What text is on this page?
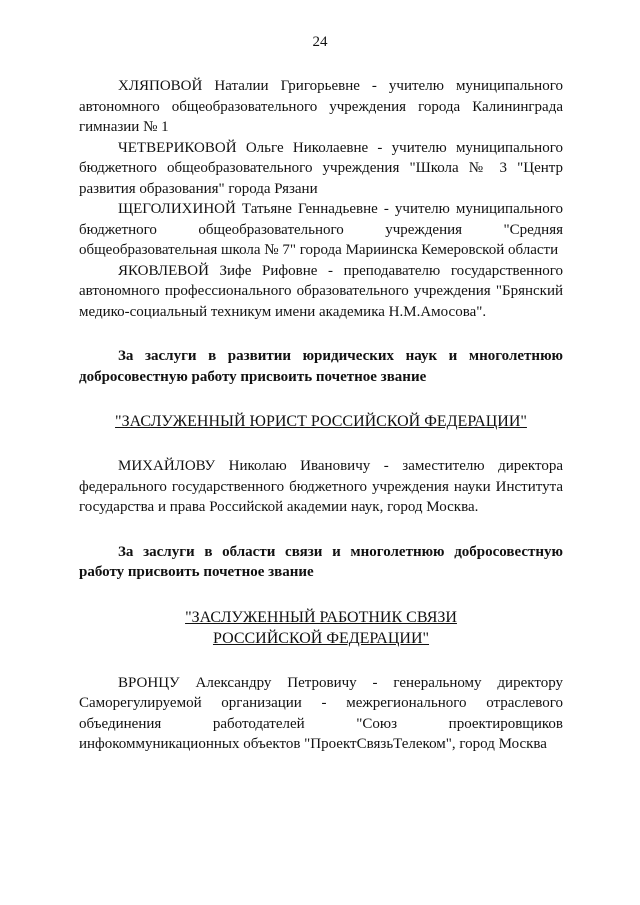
24

ХЛЯПОВОЙ Наталии Григорьевне - учителю муниципального автономного общеобразовательного учреждения города Калининграда гимназии № 1

ЧЕТВЕРИКОВОЙ Ольге Николаевне - учителю муниципального бюджетного общеобразовательного учреждения "Школа № 3 "Центр развития образования" города Рязани

ЩЕГОЛИХИНОЙ Татьяне Геннадьевне - учителю муниципального бюджетного общеобразовательного учреждения "Средняя общеобразовательная школа № 7" города Мариинска Кемеровской области

ЯКОВЛЕВОЙ Зифе Рифовне - преподавателю государственного автономного профессионального образовательного учреждения "Брянский медико-социальный техникум имени академика Н.М.Амосова".

За заслуги в развитии юридических наук и многолетнюю добросовестную работу присвоить почетное звание

"ЗАСЛУЖЕННЫЙ ЮРИСТ РОССИЙСКОЙ ФЕДЕРАЦИИ"

МИХАЙЛОВУ Николаю Ивановичу - заместителю директора федерального государственного бюджетного учреждения науки Института государства и права Российской академии наук, город Москва.

За заслуги в области связи и многолетнюю добросовестную работу присвоить почетное звание

"ЗАСЛУЖЕННЫЙ РАБОТНИК СВЯЗИ

РОССИЙСКОЙ ФЕДЕРАЦИИ"

ВРОНЦУ Александру Петровичу - генеральному директору Саморегулируемой организации - межрегионального отраслевого объединения работодателей "Союз проектировщиков инфокоммуникационных объектов "ПроектСвязьТелеком", город Москва
